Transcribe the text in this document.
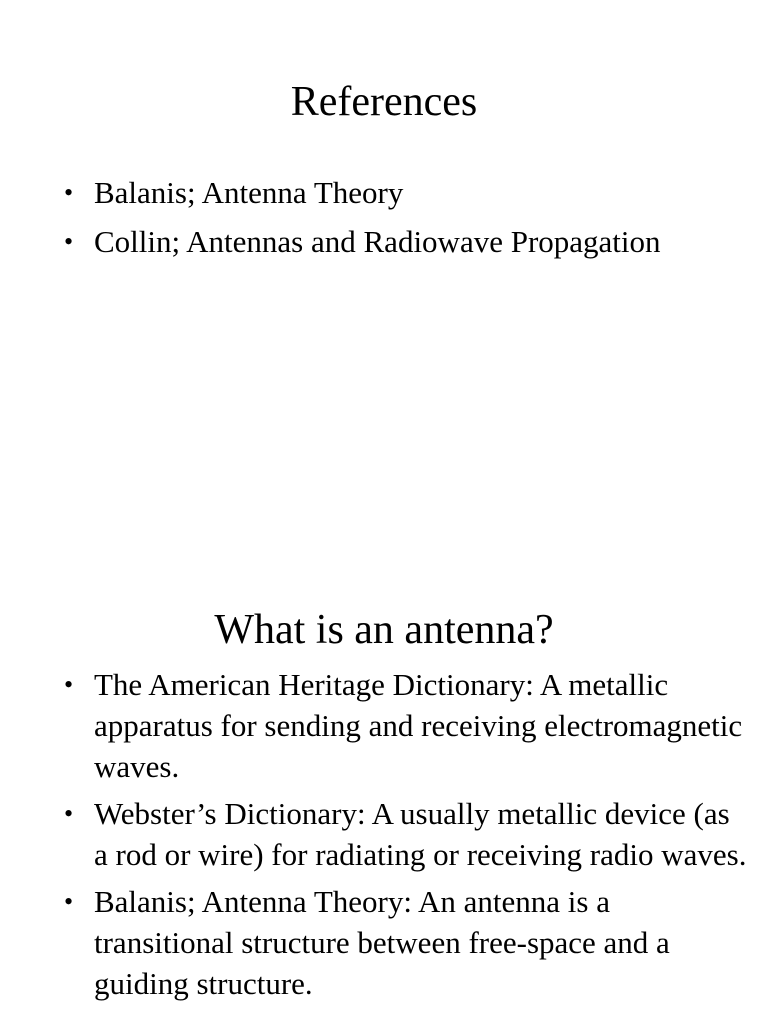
References
• Balanis; Antenna Theory
• Collin; Antennas and Radiowave Propagation
What is an antenna?
• The American Heritage Dictionary: A metallic apparatus for sending and receiving electromagnetic waves.
• Webster’s Dictionary: A usually metallic device (as a rod or wire) for radiating or receiving radio waves.
• Balanis; Antenna Theory: An antenna is a transitional structure between free-space and a guiding structure.
